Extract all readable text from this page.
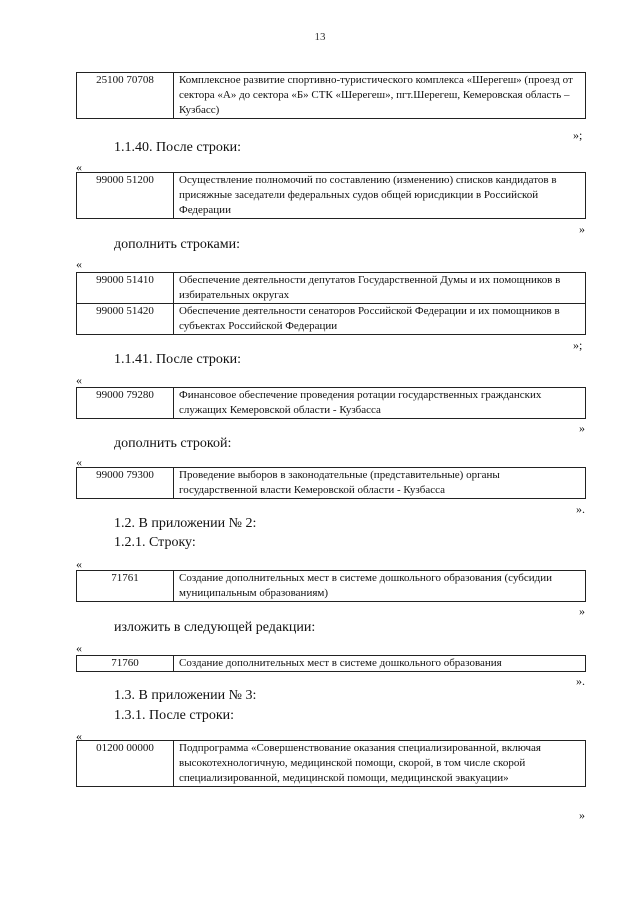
13
25100 70708	Комплексное развитие спортивно-туристического комплекса «Шерегеш» (проезд от сектора «А» до сектора «Б» СТК «Шерегеш», пгт.Шерегеш, Кемеровская область – Кузбасс)
»;
1.1.40. После строки:
«
99000 51200	Осуществление полномочий по составлению (изменению) списков кандидатов в присяжные заседатели федеральных судов общей юрисдикции в Российской Федерации
»
дополнить строками:
«
99000 51410	Обеспечение деятельности депутатов Государственной Думы и их помощников в избирательных округах
99000 51420	Обеспечение деятельности сенаторов Российской Федерации и их помощников в субъектах Российской Федерации
»;
1.1.41. После строки:
«
99000 79280	Финансовое обеспечение проведения ротации государственных гражданских служащих Кемеровской области - Кузбасса
»
дополнить строкой:
«
99000 79300	Проведение выборов в законодательные (представительные) органы государственной власти Кемеровской области - Кузбасса
».
1.2. В приложении № 2:
1.2.1. Строку:
«
71761	Создание дополнительных мест в системе дошкольного образования (субсидии муниципальным образованиям)
»
изложить в следующей редакции:
«
71760	Создание дополнительных мест в системе дошкольного образования
».
1.3. В приложении № 3:
1.3.1. После строки:
«
01200 00000	Подпрограмма «Совершенствование оказания специализированной, включая высокотехнологичную, медицинской помощи, скорой, в том числе скорой специализированной, медицинской помощи, медицинской эвакуации»
»
